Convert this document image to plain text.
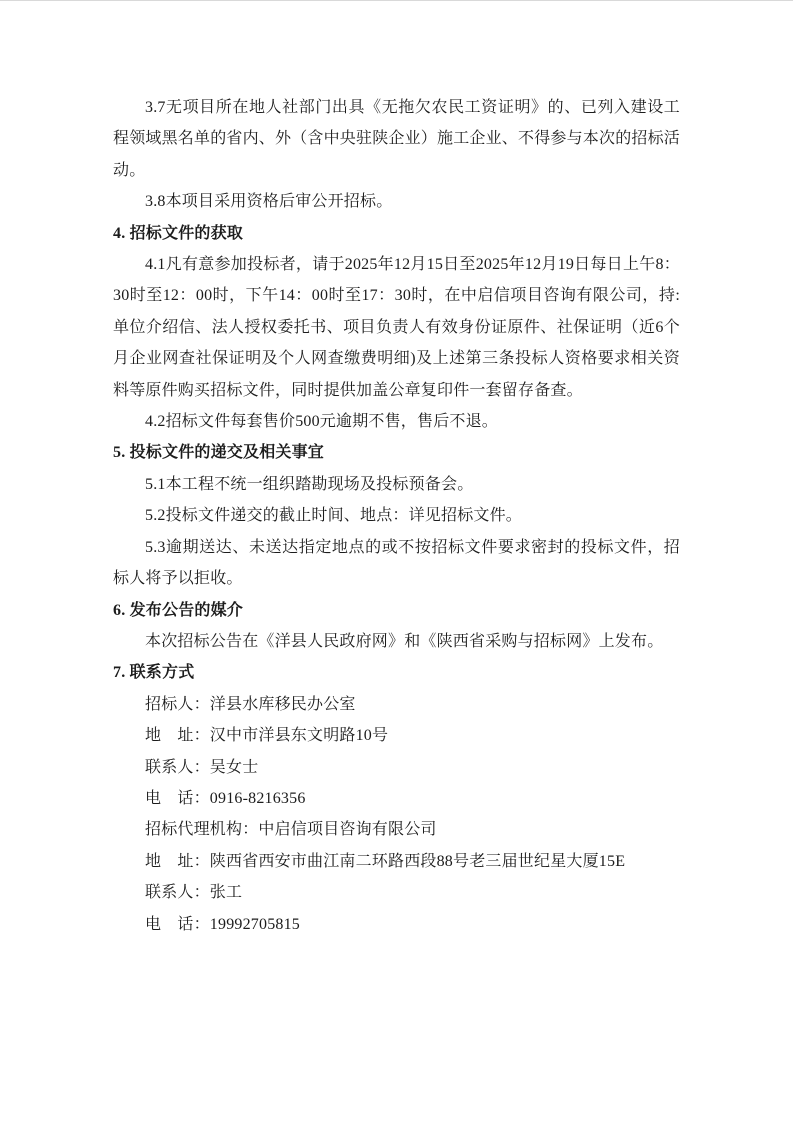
3.7无项目所在地人社部门出具《无拖欠农民工资证明》的、已列入建设工程领域黑名单的省内、外（含中央驻陕企业）施工企业、不得参与本次的招标活动。

3.8本项目采用资格后审公开招标。

4. 招标文件的获取

4.1凡有意参加投标者，请于2025年12月15日至2025年12月19日每日上午8：30时至12：00时，下午14：00时至17：30时，在中启信项目咨询有限公司，持:单位介绍信、法人授权委托书、项目负责人有效身份证原件、社保证明（近6个月企业网查社保证明及个人网查缴费明细)及上述第三条投标人资格要求相关资料等原件购买招标文件，同时提供加盖公章复印件一套留存备查。

4.2招标文件每套售价500元逾期不售，售后不退。

5. 投标文件的递交及相关事宜

5.1本工程不统一组织踏勘现场及投标预备会。

5.2投标文件递交的截止时间、地点：详见招标文件。

5.3逾期送达、未送达指定地点的或不按招标文件要求密封的投标文件，招标人将予以拒收。

6. 发布公告的媒介

本次招标公告在《洋县人民政府网》和《陕西省采购与招标网》上发布。

7. 联系方式

招标人：洋县水库移民办公室

地　址：汉中市洋县东文明路10号

联系人：吴女士

电　话：0916-8216356

招标代理机构：中启信项目咨询有限公司

地　址：陕西省西安市曲江南二环路西段88号老三届世纪星大厦15E

联系人：张工

电　话：19992705815
